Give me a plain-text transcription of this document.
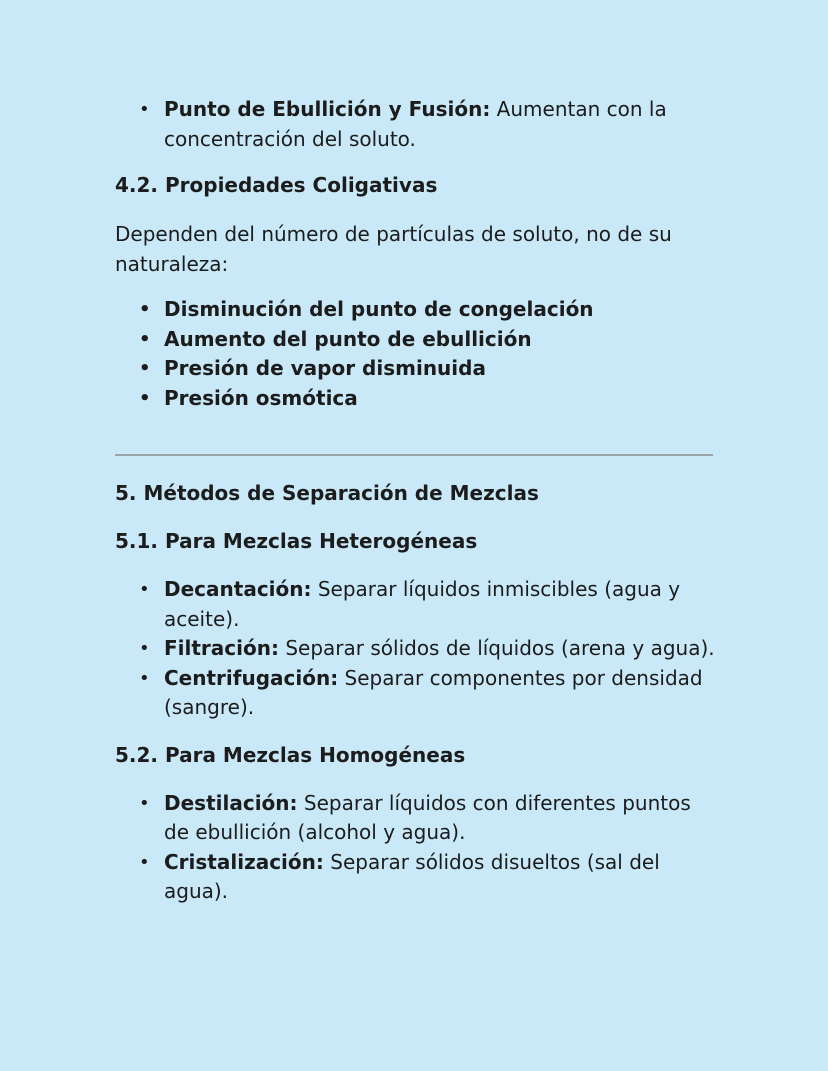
• Punto de Ebullición y Fusión: Aumentan con la concentración del soluto.
4.2. Propiedades Coligativas

Dependen del número de partículas de soluto, no de su naturaleza:

• Disminución del punto de congelación
• Aumento del punto de ebullición
• Presión de vapor disminuida
• Presión osmótica
5. Métodos de Separación de Mezclas
5.1. Para Mezclas Heterogéneas
• Decantación: Separar líquidos inmiscibles (agua y aceite).
• Filtración: Separar sólidos de líquidos (arena y agua).
• Centrifugación: Separar componentes por densidad (sangre).
5.2. Para Mezclas Homogéneas
• Destilación: Separar líquidos con diferentes puntos de ebullición (alcohol y agua).
• Cristalización: Separar sólidos disueltos (sal del agua).
